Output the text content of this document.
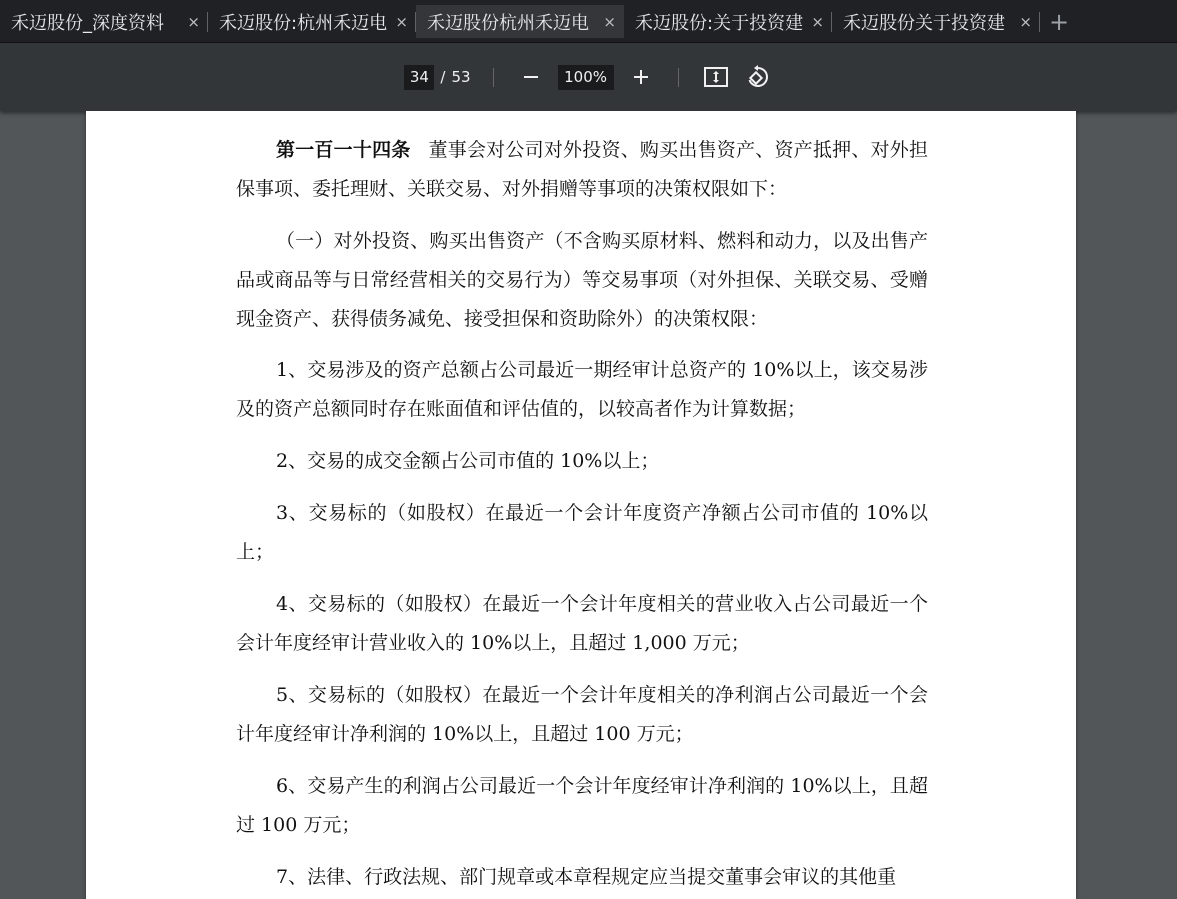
禾迈股份_深度资料	× 禾迈股份:杭州禾迈电 × 禾迈股份杭州禾迈电 × 禾迈股份:关于投资建 × 禾迈股份关于投资建 × +
34
/ 53
100%

第一百一十四条 董事会对公司对外投资、购买出售资产、资产抵押、对外担保事项、委托理财、关联交易、对外捐赠等事项的决策权限如下：

（一）对外投资、购买出售资产（不含购买原材料、燃料和动力，以及出售产品或商品等与日常经营相关的交易行为）等交易事项（对外担保、关联交易、受赠现金资产、获得债务减免、接受担保和资助除外）的决策权限：

1、交易涉及的资产总额占公司最近一期经审计总资产的 10%以上，该交易涉及的资产总额同时存在账面值和评估值的，以较高者作为计算数据；

2、交易的成交金额占公司市值的 10%以上；

3、交易标的（如股权）在最近一个会计年度资产净额占公司市值的 10%以上；

4、交易标的（如股权）在最近一个会计年度相关的营业收入占公司最近一个会计年度经审计营业收入的 10%以上，且超过 1,000 万元；

5、交易标的（如股权）在最近一个会计年度相关的净利润占公司最近一个会计年度经审计净利润的 10%以上，且超过 100 万元；

6、交易产生的利润占公司最近一个会计年度经审计净利润的 10%以上，且超过 100 万元；

7、法律、行政法规、部门规章或本章程规定应当提交董事会审议的其他重
